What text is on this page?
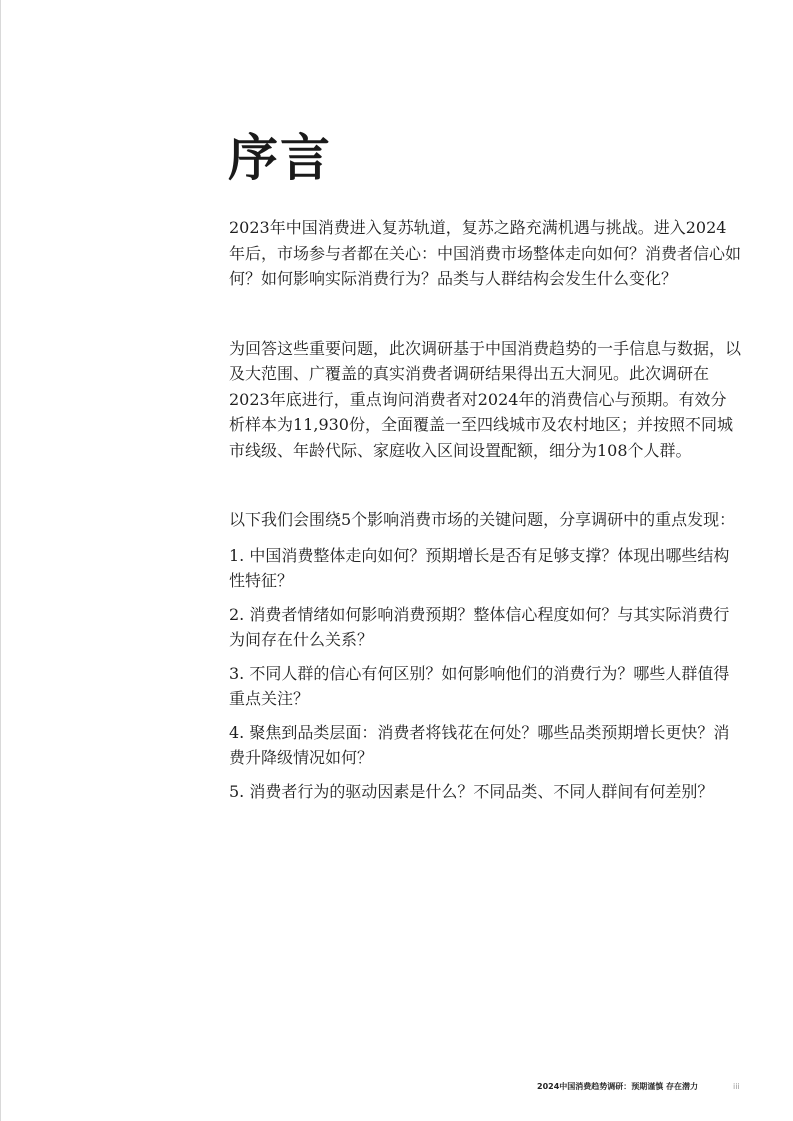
序言

2023年中国消费进入复苏轨道，复苏之路充满机遇与挑战。进入2024年后，市场参与者都在关心：中国消费市场整体走向如何？消费者信心如何？如何影响实际消费行为？品类与人群结构会发生什么变化？

为回答这些重要问题，此次调研基于中国消费趋势的一手信息与数据，以及大范围、广覆盖的真实消费者调研结果得出五大洞见。此次调研在2023年底进行，重点询问消费者对2024年的消费信心与预期。有效分析样本为11,930份，全面覆盖一至四线城市及农村地区；并按照不同城市线级、年龄代际、家庭收入区间设置配额，细分为108个人群。

以下我们会围绕5个影响消费市场的关键问题，分享调研中的重点发现：

1. 中国消费整体走向如何？预期增长是否有足够支撑？体现出哪些结构性特征？
2. 消费者情绪如何影响消费预期？整体信心程度如何？与其实际消费行为间存在什么关系？
3. 不同人群的信心有何区别？如何影响他们的消费行为？哪些人群值得重点关注？
4. 聚焦到品类层面：消费者将钱花在何处？哪些品类预期增长更快？消费升降级情况如何？
5. 消费者行为的驱动因素是什么？不同品类、不同人群间有何差别？
2024中国消费趋势调研：预期谨慎 存在潜力	iii
